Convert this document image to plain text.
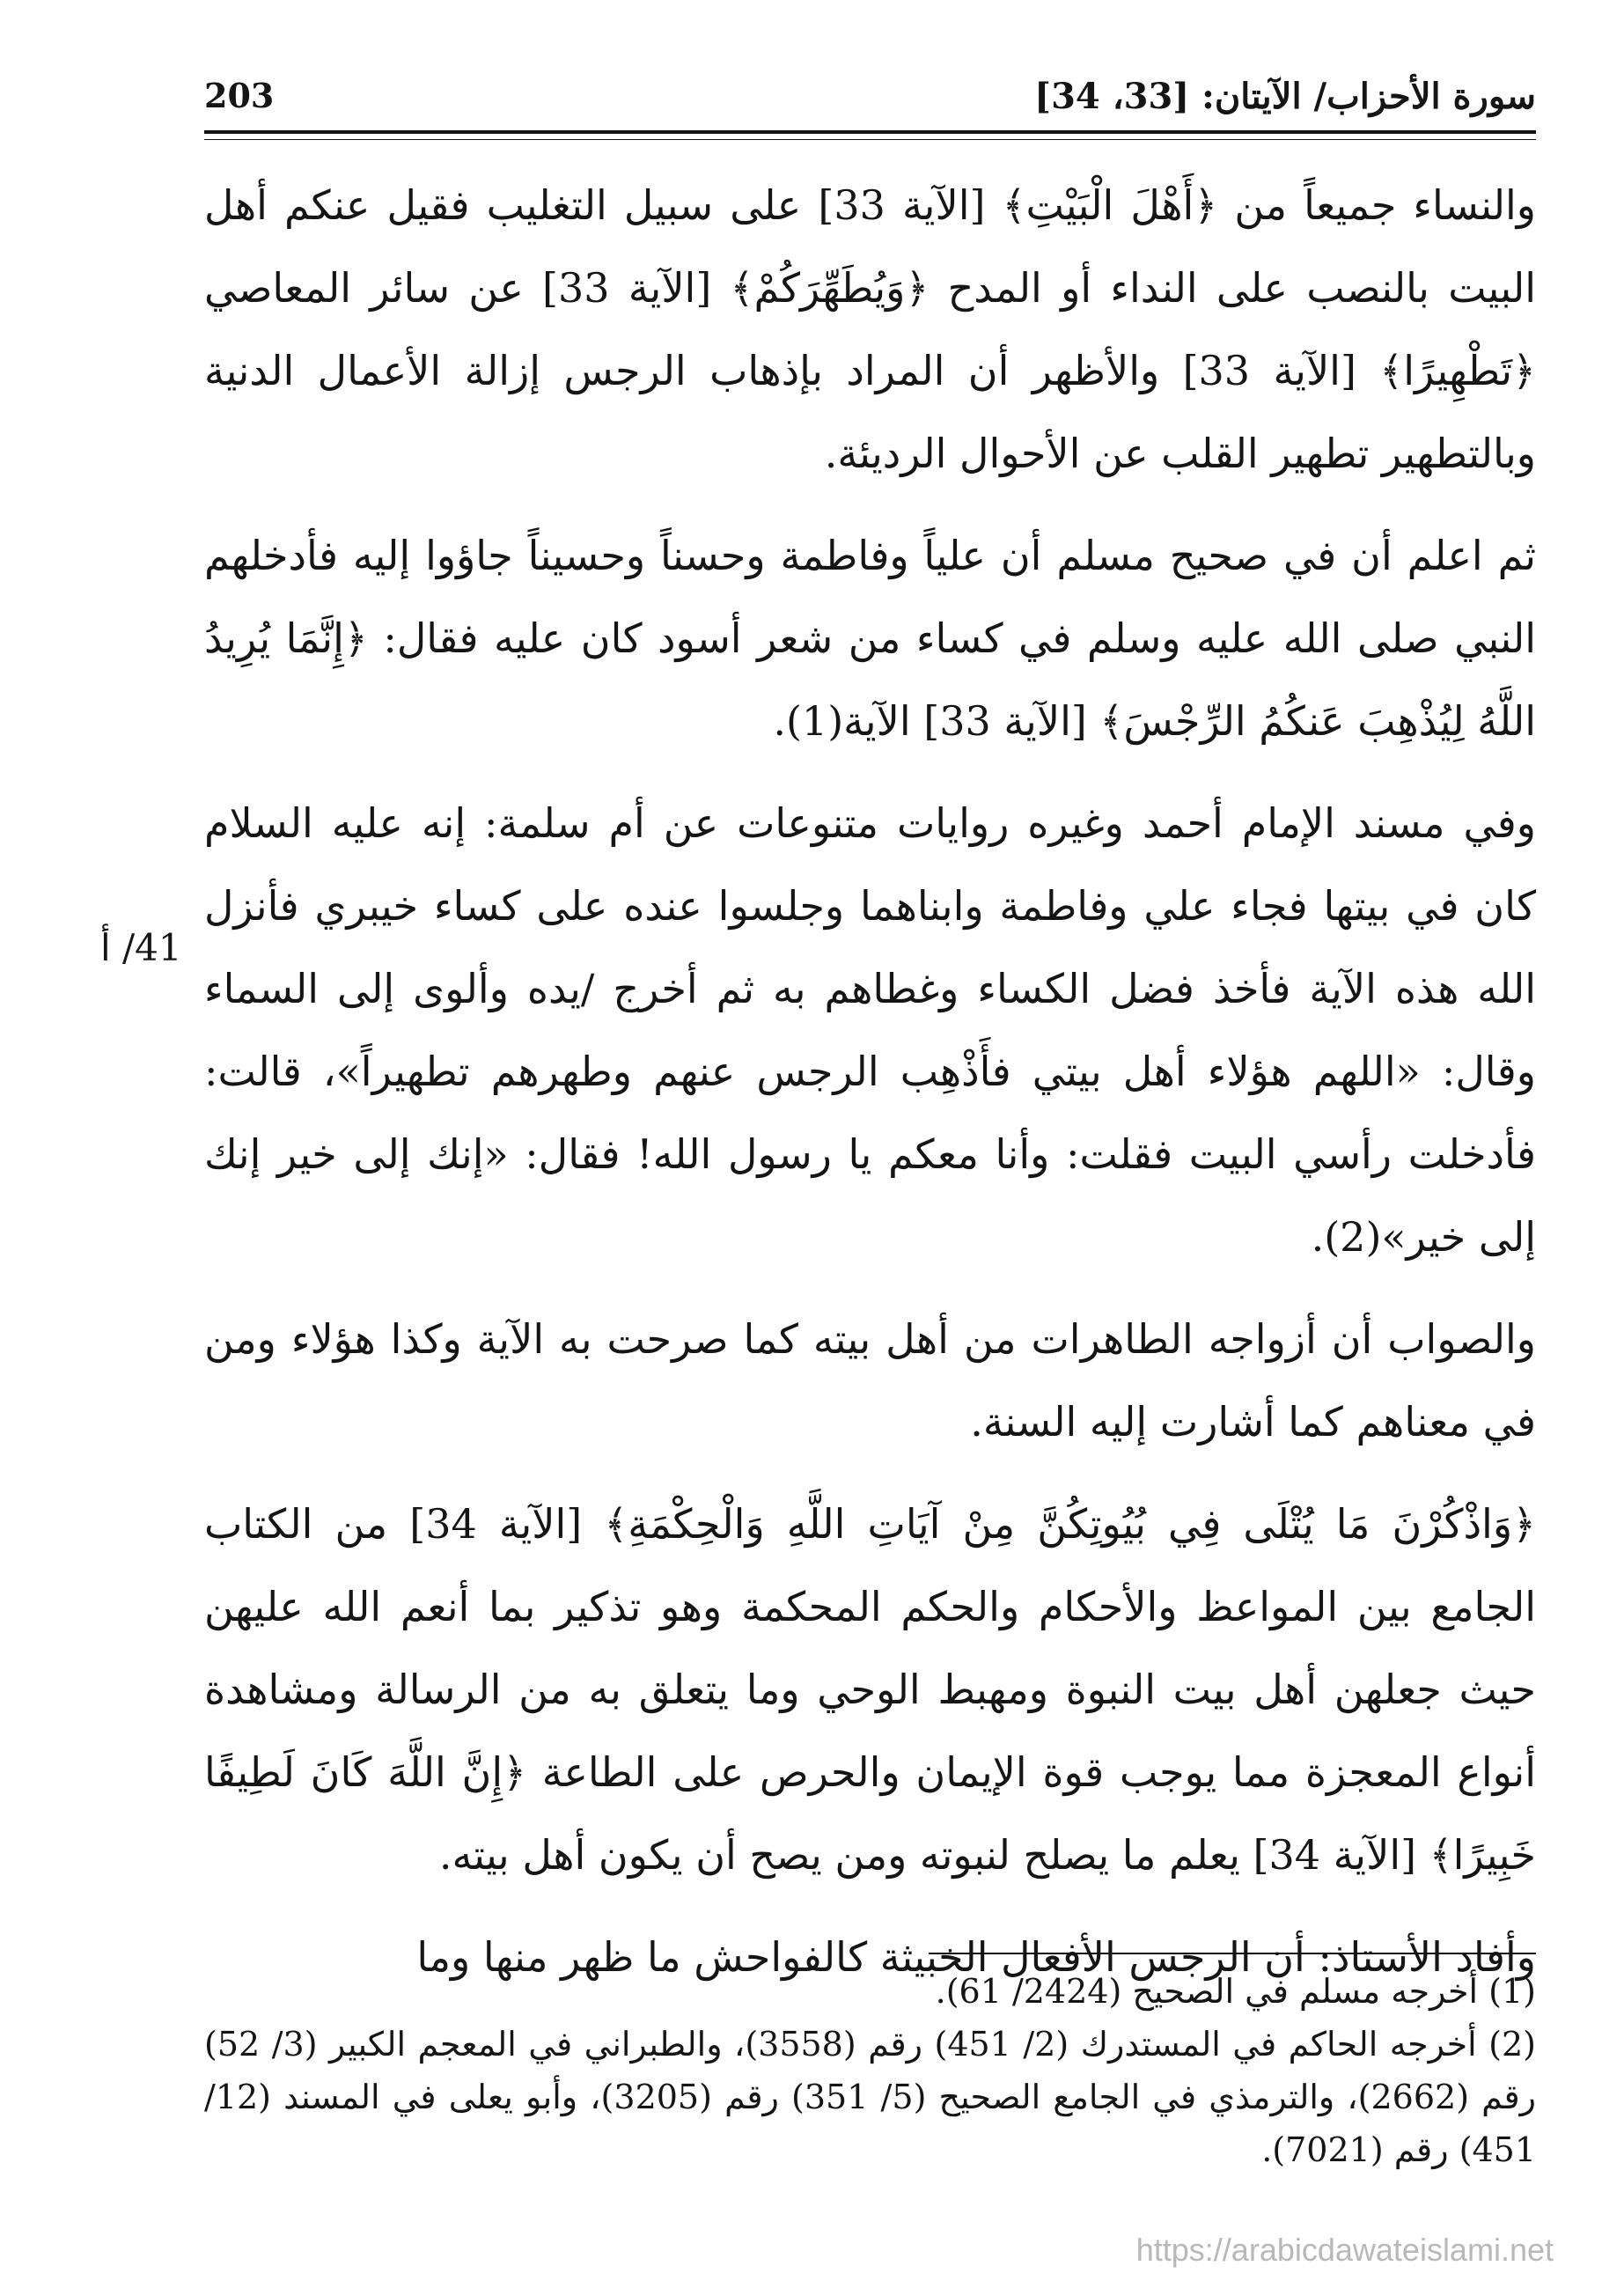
سورة الأحزاب/ الآيتان: [33، 34]
203
41/ أ

والنساء جميعاً من ﴿أَهْلَ الْبَيْتِ﴾ [الآية 33] على سبيل التغليب فقيل عنكم أهل البيت بالنصب على النداء أو المدح ﴿وَيُطَهِّرَكُمْ﴾ [الآية 33] عن سائر المعاصي ﴿تَطْهِيرًا﴾ [الآية 33] والأظهر أن المراد بإذهاب الرجس إزالة الأعمال الدنية وبالتطهير تطهير القلب عن الأحوال الرديئة.

ثم اعلم أن في صحيح مسلم أن علياً وفاطمة وحسناً وحسيناً جاؤوا إليه فأدخلهم النبي صلى الله عليه وسلم في كساء من شعر أسود كان عليه فقال: ﴿إِنَّمَا يُرِيدُ اللَّهُ لِيُذْهِبَ عَنكُمُ الرِّجْسَ﴾ [الآية 33] الآية(1).

وفي مسند الإمام أحمد وغيره روايات متنوعات عن أم سلمة: إنه عليه السلام كان في بيتها فجاء علي وفاطمة وابناهما وجلسوا عنده على كساء خيبري فأنزل الله هذه الآية فأخذ فضل الكساء وغطاهم به ثم أخرج /يده وألوى إلى السماء وقال: «اللهم هؤلاء أهل بيتي فأَذْهِب الرجس عنهم وطهرهم تطهيراً»، قالت: فأدخلت رأسي البيت فقلت: وأنا معكم يا رسول الله! فقال: «إنك إلى خير إنك إلى خير»(2).

والصواب أن أزواجه الطاهرات من أهل بيته كما صرحت به الآية وكذا هؤلاء ومن في معناهم كما أشارت إليه السنة.

﴿وَاذْكُرْنَ مَا يُتْلَى فِي بُيُوتِكُنَّ مِنْ آيَاتِ اللَّهِ وَالْحِكْمَةِ﴾ [الآية 34] من الكتاب الجامع بين المواعظ والأحكام والحكم المحكمة وهو تذكير بما أنعم الله عليهن حيث جعلهن أهل بيت النبوة ومهبط الوحي وما يتعلق به من الرسالة ومشاهدة أنواع المعجزة مما يوجب قوة الإيمان والحرص على الطاعة ﴿إِنَّ اللَّهَ كَانَ لَطِيفًا خَبِيرًا﴾ [الآية 34] يعلم ما يصلح لنبوته ومن يصح أن يكون أهل بيته.

وأفاد الأستاذ: أن الرجس الأفعال الخبيثة كالفواحش ما ظهر منها وما

(1) أخرجه مسلم في الصحيح (2424/ 61).

(2) أخرجه الحاكم في المستدرك (2/ 451) رقم (3558)، والطبراني في المعجم الكبير (3/ 52) رقم (2662)، والترمذي في الجامع الصحيح (5/ 351) رقم (3205)، وأبو يعلى في المسند (12/ 451) رقم (7021).

https://arabicdawateislami.net
